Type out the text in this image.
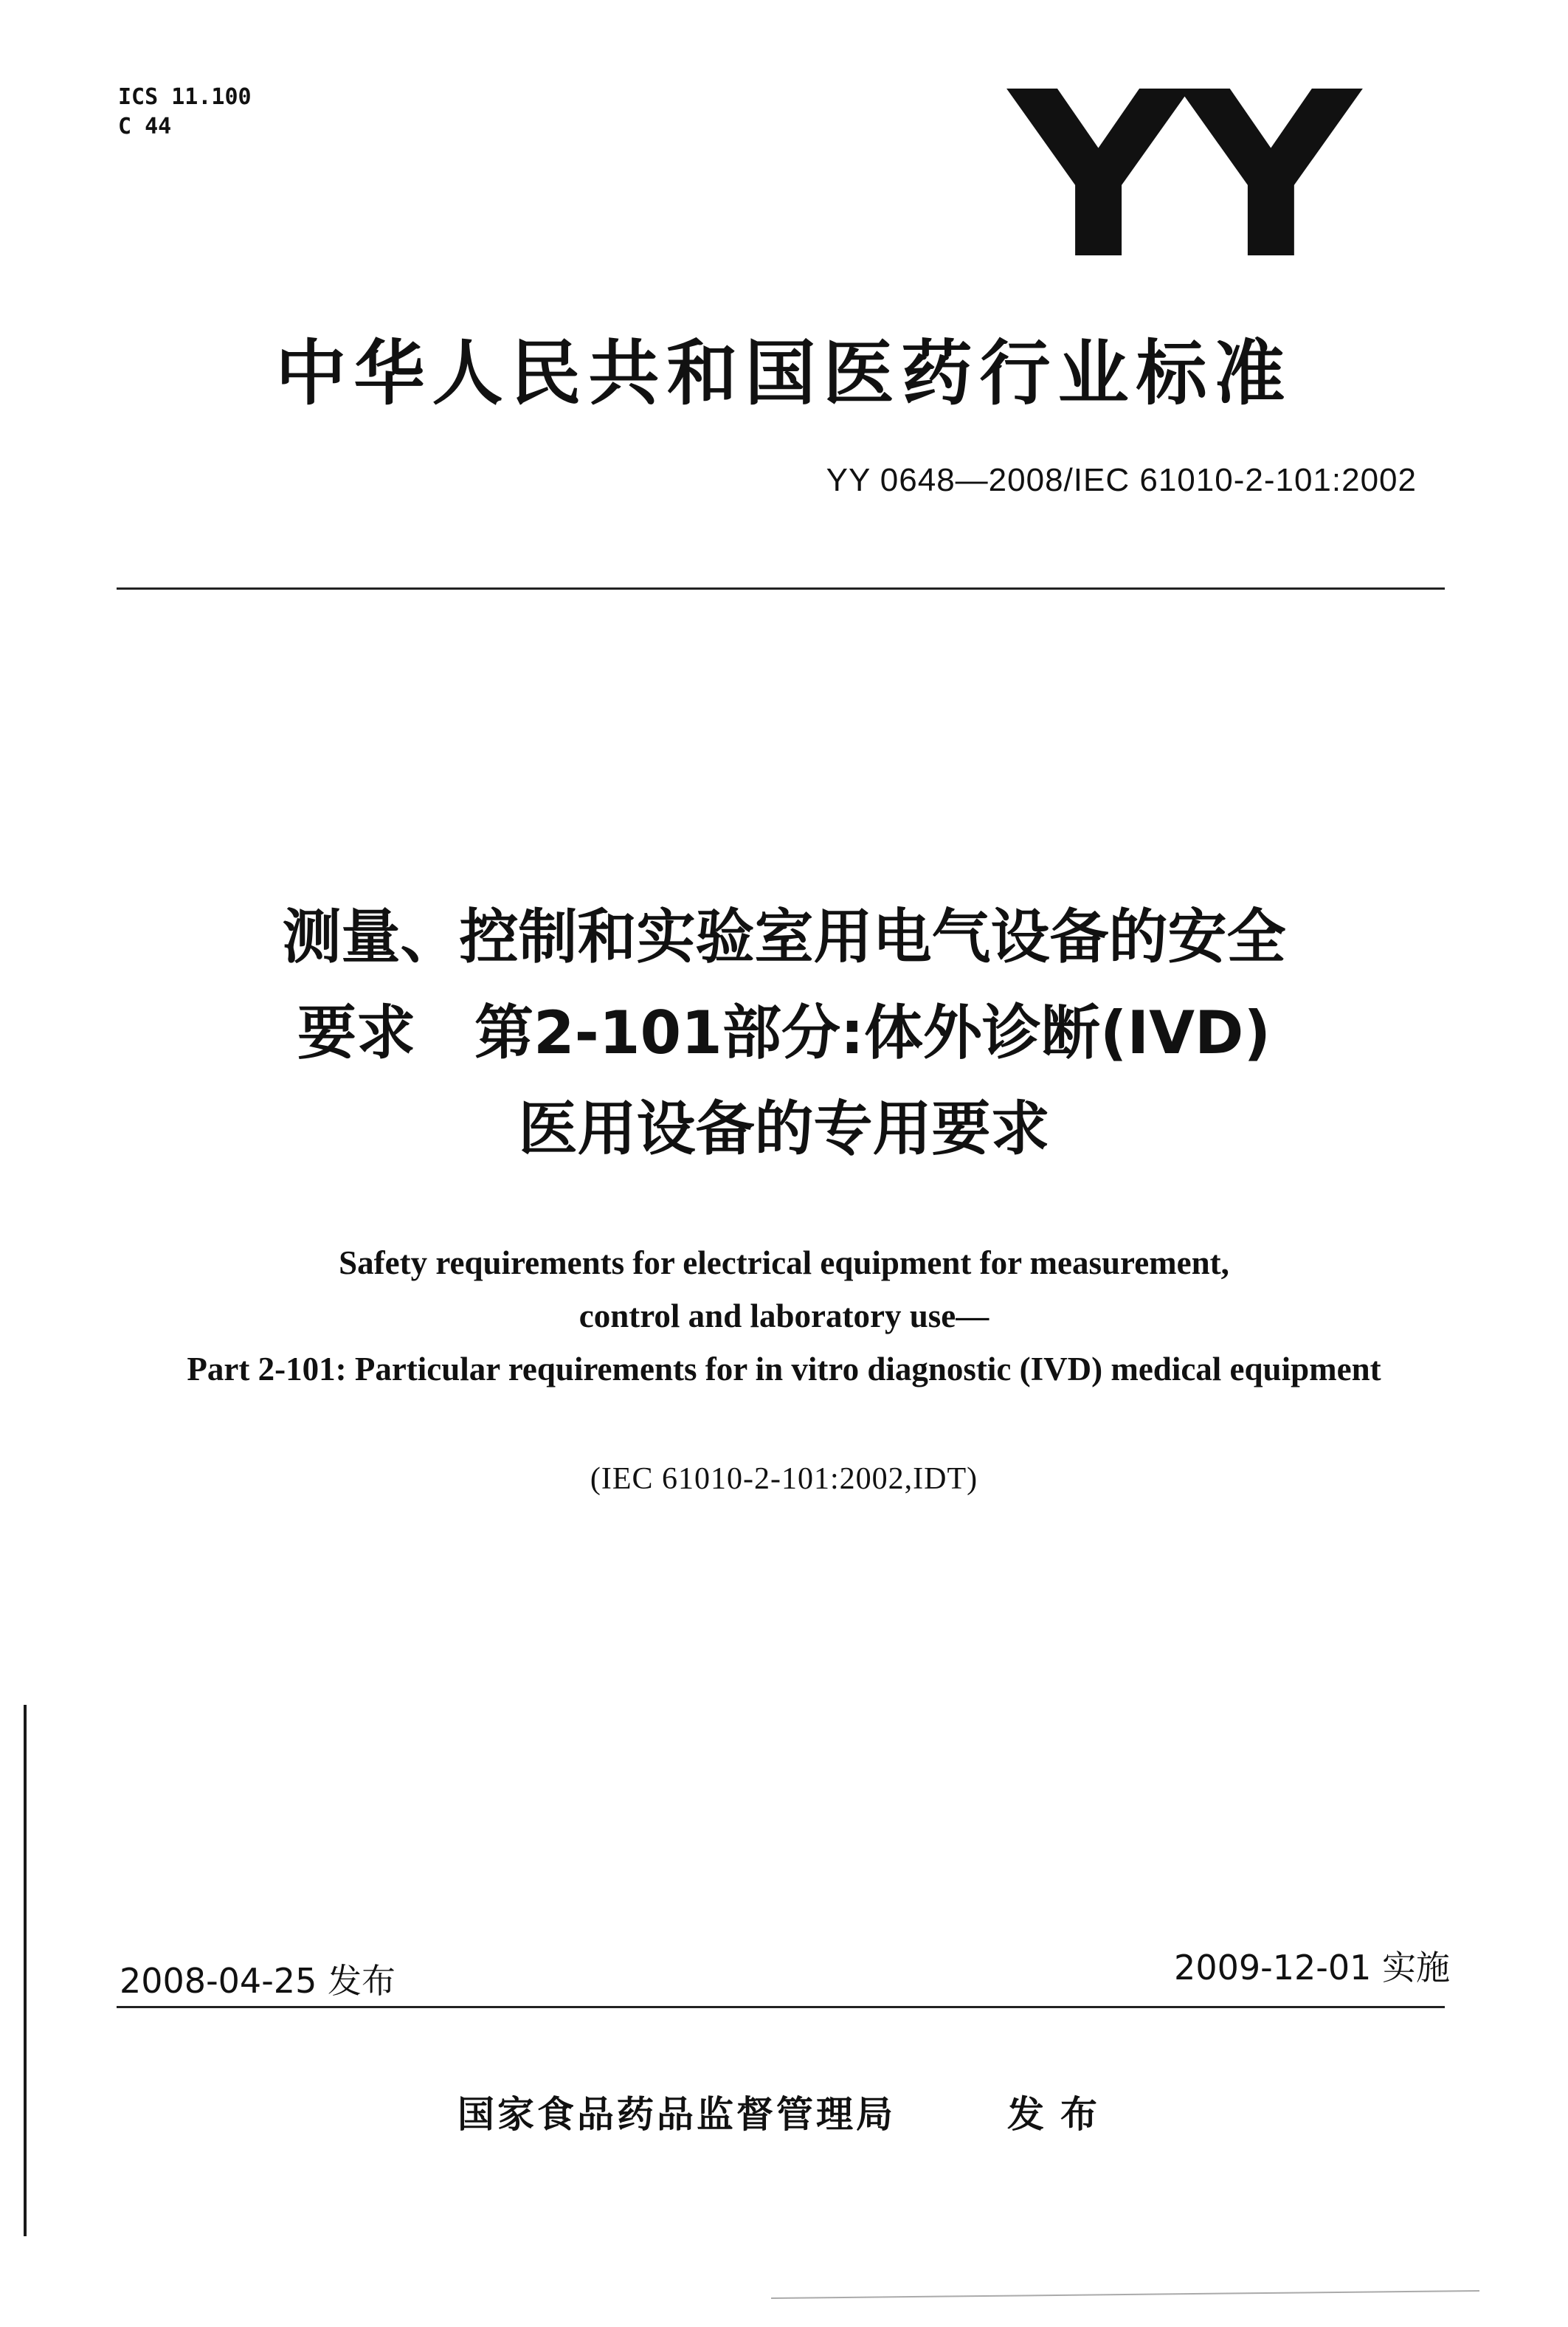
ICS 11.100
C 44	YY
中华人民共和国医药行业标准
YY 0648—2008/IEC 61010-2-101:2002
测量、控制和实验室用电气设备的安全
要求　第2-101部分:体外诊断(IVD)
医用设备的专用要求
Safety requirements for electrical equipment for measurement,
control and laboratory use—
Part 2-101: Particular requirements for in vitro diagnostic (IVD) medical equipment
(IEC 61010-2-101:2002,IDT)
2008-04-25 发布	2009-12-01 实施
国家食品药品监督管理局	发布
